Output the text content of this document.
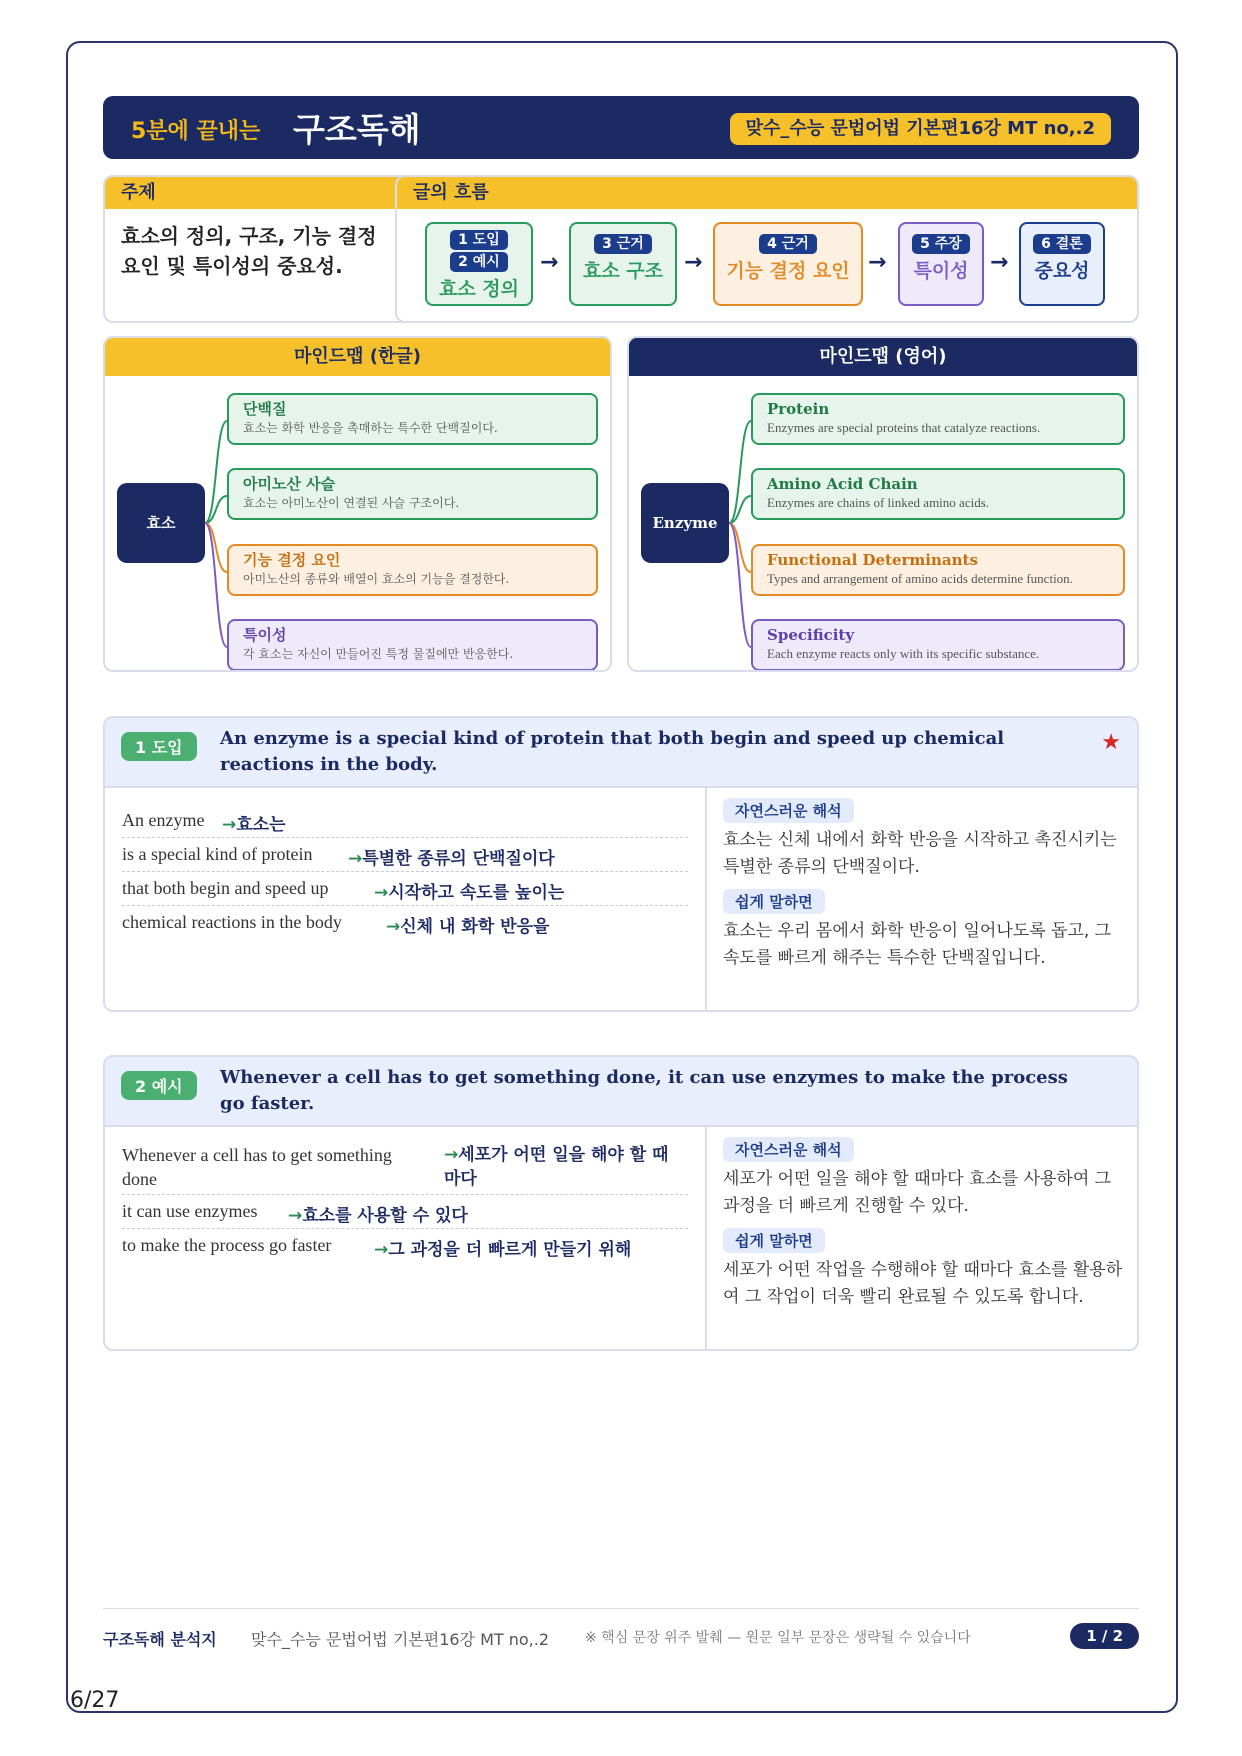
6/27
5분에 끝내는 구조독해	맞수_수능 문법어법 기본편16강 MT no,.2
주제
효소의 정의, 구조, 기능 결정 요인 및 특이성의 중요성.
글의 흐름
1 도입
2 예시

효소 정의
3 근거

효소 구조
4 근거

기능 결정 요인
5 주장

특이성
6 결론

중요성
→	→	→	→
마인드맵 (한글)
효소
단백질
효소는 화학 반응을 촉매하는 특수한 단백질이다.
아미노산 사슬
효소는 아미노산이 연결된 사슬 구조이다.
기능 결정 요인
아미노산의 종류와 배열이 효소의 기능을 결정한다.
특이성
각 효소는 자신이 만들어진 특정 물질에만 반응한다.
마인드맵 (영어)
Enzyme
Protein
Enzymes are special proteins that catalyze reactions.
Amino Acid Chain
Enzymes are chains of linked amino acids.
Functional Determinants
Types and arrangement of amino acids determine function.
Specificity
Each enzyme reacts only with its specific substance.
1 도입	An enzyme is a special kind of protein that both begin and speed up chemical reactions in the body.
★
자연스러운 해석
효소는 신체 내에서 화학 반응을 시작하고 촉진시키는 특별한 종류의 단백질이다.
쉽게 말하면
효소는 우리 몸에서 화학 반응이 일어나도록 돕고, 그 속도를 빠르게 해주는 특수한 단백질입니다.
An enzyme →효소는
is a special kind of protein →특별한 종류의 단백질이다
that both begin and speed up	→시작하고 속도를 높이는
chemical reactions in the body	→신체 내 화학 반응을
2 예시	Whenever a cell has to get something done, it can use enzymes to make the process go faster.
자연스러운 해석
세포가 어떤 일을 해야 할 때마다 효소를 사용하여 그 과정을 더 빠르게 진행할 수 있다.
쉽게 말하면
세포가 어떤 작업을 수행해야 할 때마다 효소를 활용하여 그 작업이 더욱 빨리 완료될 수 있도록 합니다.
Whenever a cell has to get something done
→세포가 어떤 일을 해야 할 때마다
it can use enzymes →효소를 사용할 수 있다
to make the process go faster	→그 과정을 더 빠르게 만들기 위해
구조독해 분석지 맞수_수능 문법어법 기본편16강 MT no,.2	※ 핵심 문장 위주 발췌 — 원문 일부 문장은 생략될 수 있습니다	1 / 2
